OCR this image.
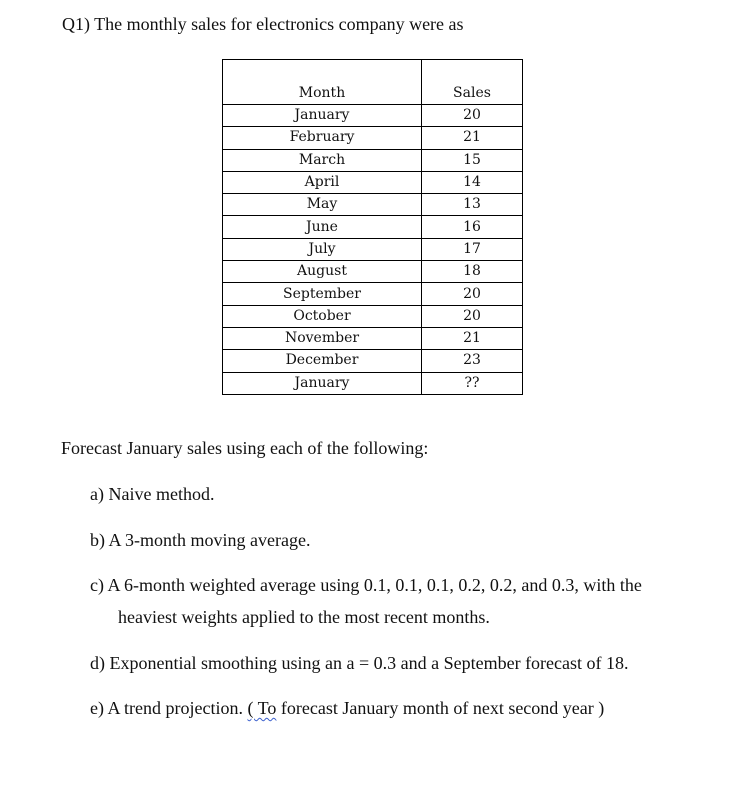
Q1) The monthly sales for electronics company were as
Month	Sales
January	20
February	21
March	15
April	14
May	13
June	16
July	17
August	18
September	20
October	20
November	21
December	23
January	??
Forecast January sales using each of the following:
a) Naive method.
b) A 3-month moving average.
c) A 6-month weighted average using 0.1, 0.1, 0.1, 0.2, 0.2, and 0.3, with the
heaviest weights applied to the most recent months.
d) Exponential smoothing using an a = 0.3 and a September forecast of 18.
e) A trend projection. ( To forecast January month of next second year )
